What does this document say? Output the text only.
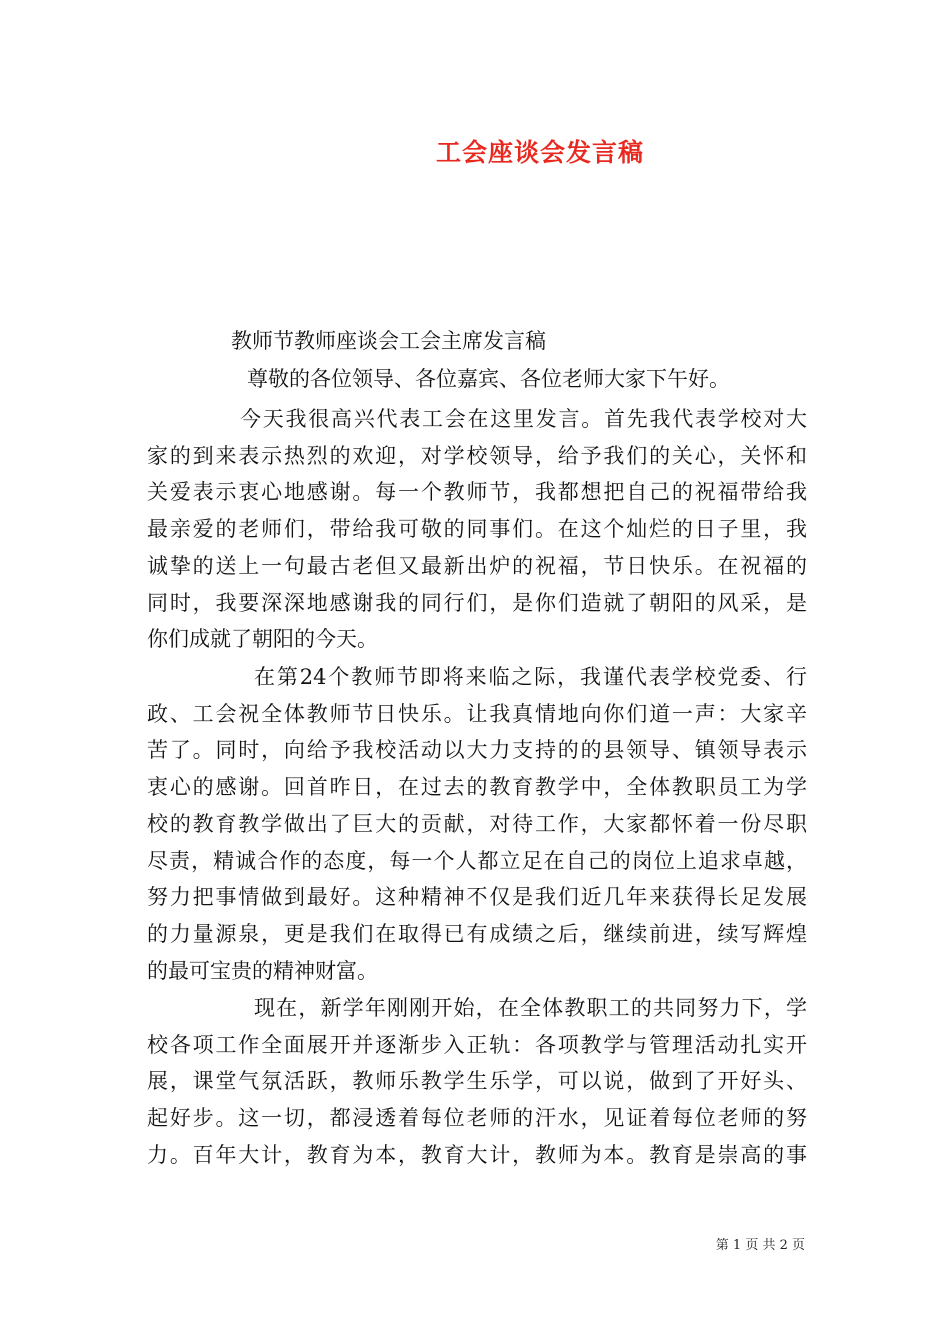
工会座谈会发言稿
教师节教师座谈会工会主席发言稿
尊敬的各位领导、各位嘉宾、各位老师大家下午好。
今天我很高兴代表工会在这里发言。首先我代表学校对大
家的到来表示热烈的欢迎，对学校领导，给予我们的关心，关怀和
关爱表示衷心地感谢。每一个教师节，我都想把自己的祝福带给我
最亲爱的老师们，带给我可敬的同事们。在这个灿烂的日子里，我
诚挚的送上一句最古老但又最新出炉的祝福，节日快乐。在祝福的
同时，我要深深地感谢我的同行们，是你们造就了朝阳的风采，是
你们成就了朝阳的今天。
在第24个教师节即将来临之际，我谨代表学校党委、行
政、工会祝全体教师节日快乐。让我真情地向你们道一声：大家辛
苦了。同时，向给予我校活动以大力支持的的县领导、镇领导表示
衷心的感谢。回首昨日，在过去的教育教学中，全体教职员工为学
校的教育教学做出了巨大的贡献，对待工作，大家都怀着一份尽职
尽责，精诚合作的态度，每一个人都立足在自己的岗位上追求卓越，
努力把事情做到最好。这种精神不仅是我们近几年来获得长足发展
的力量源泉，更是我们在取得已有成绩之后，继续前进，续写辉煌
的最可宝贵的精神财富。
现在，新学年刚刚开始，在全体教职工的共同努力下，学
校各项工作全面展开并逐渐步入正轨：各项教学与管理活动扎实开
展，课堂气氛活跃，教师乐教学生乐学，可以说，做到了开好头、
起好步。这一切，都浸透着每位老师的汗水，见证着每位老师的努
力。百年大计，教育为本，教育大计，教师为本。教育是崇高的事
第 1 页 共 2 页
